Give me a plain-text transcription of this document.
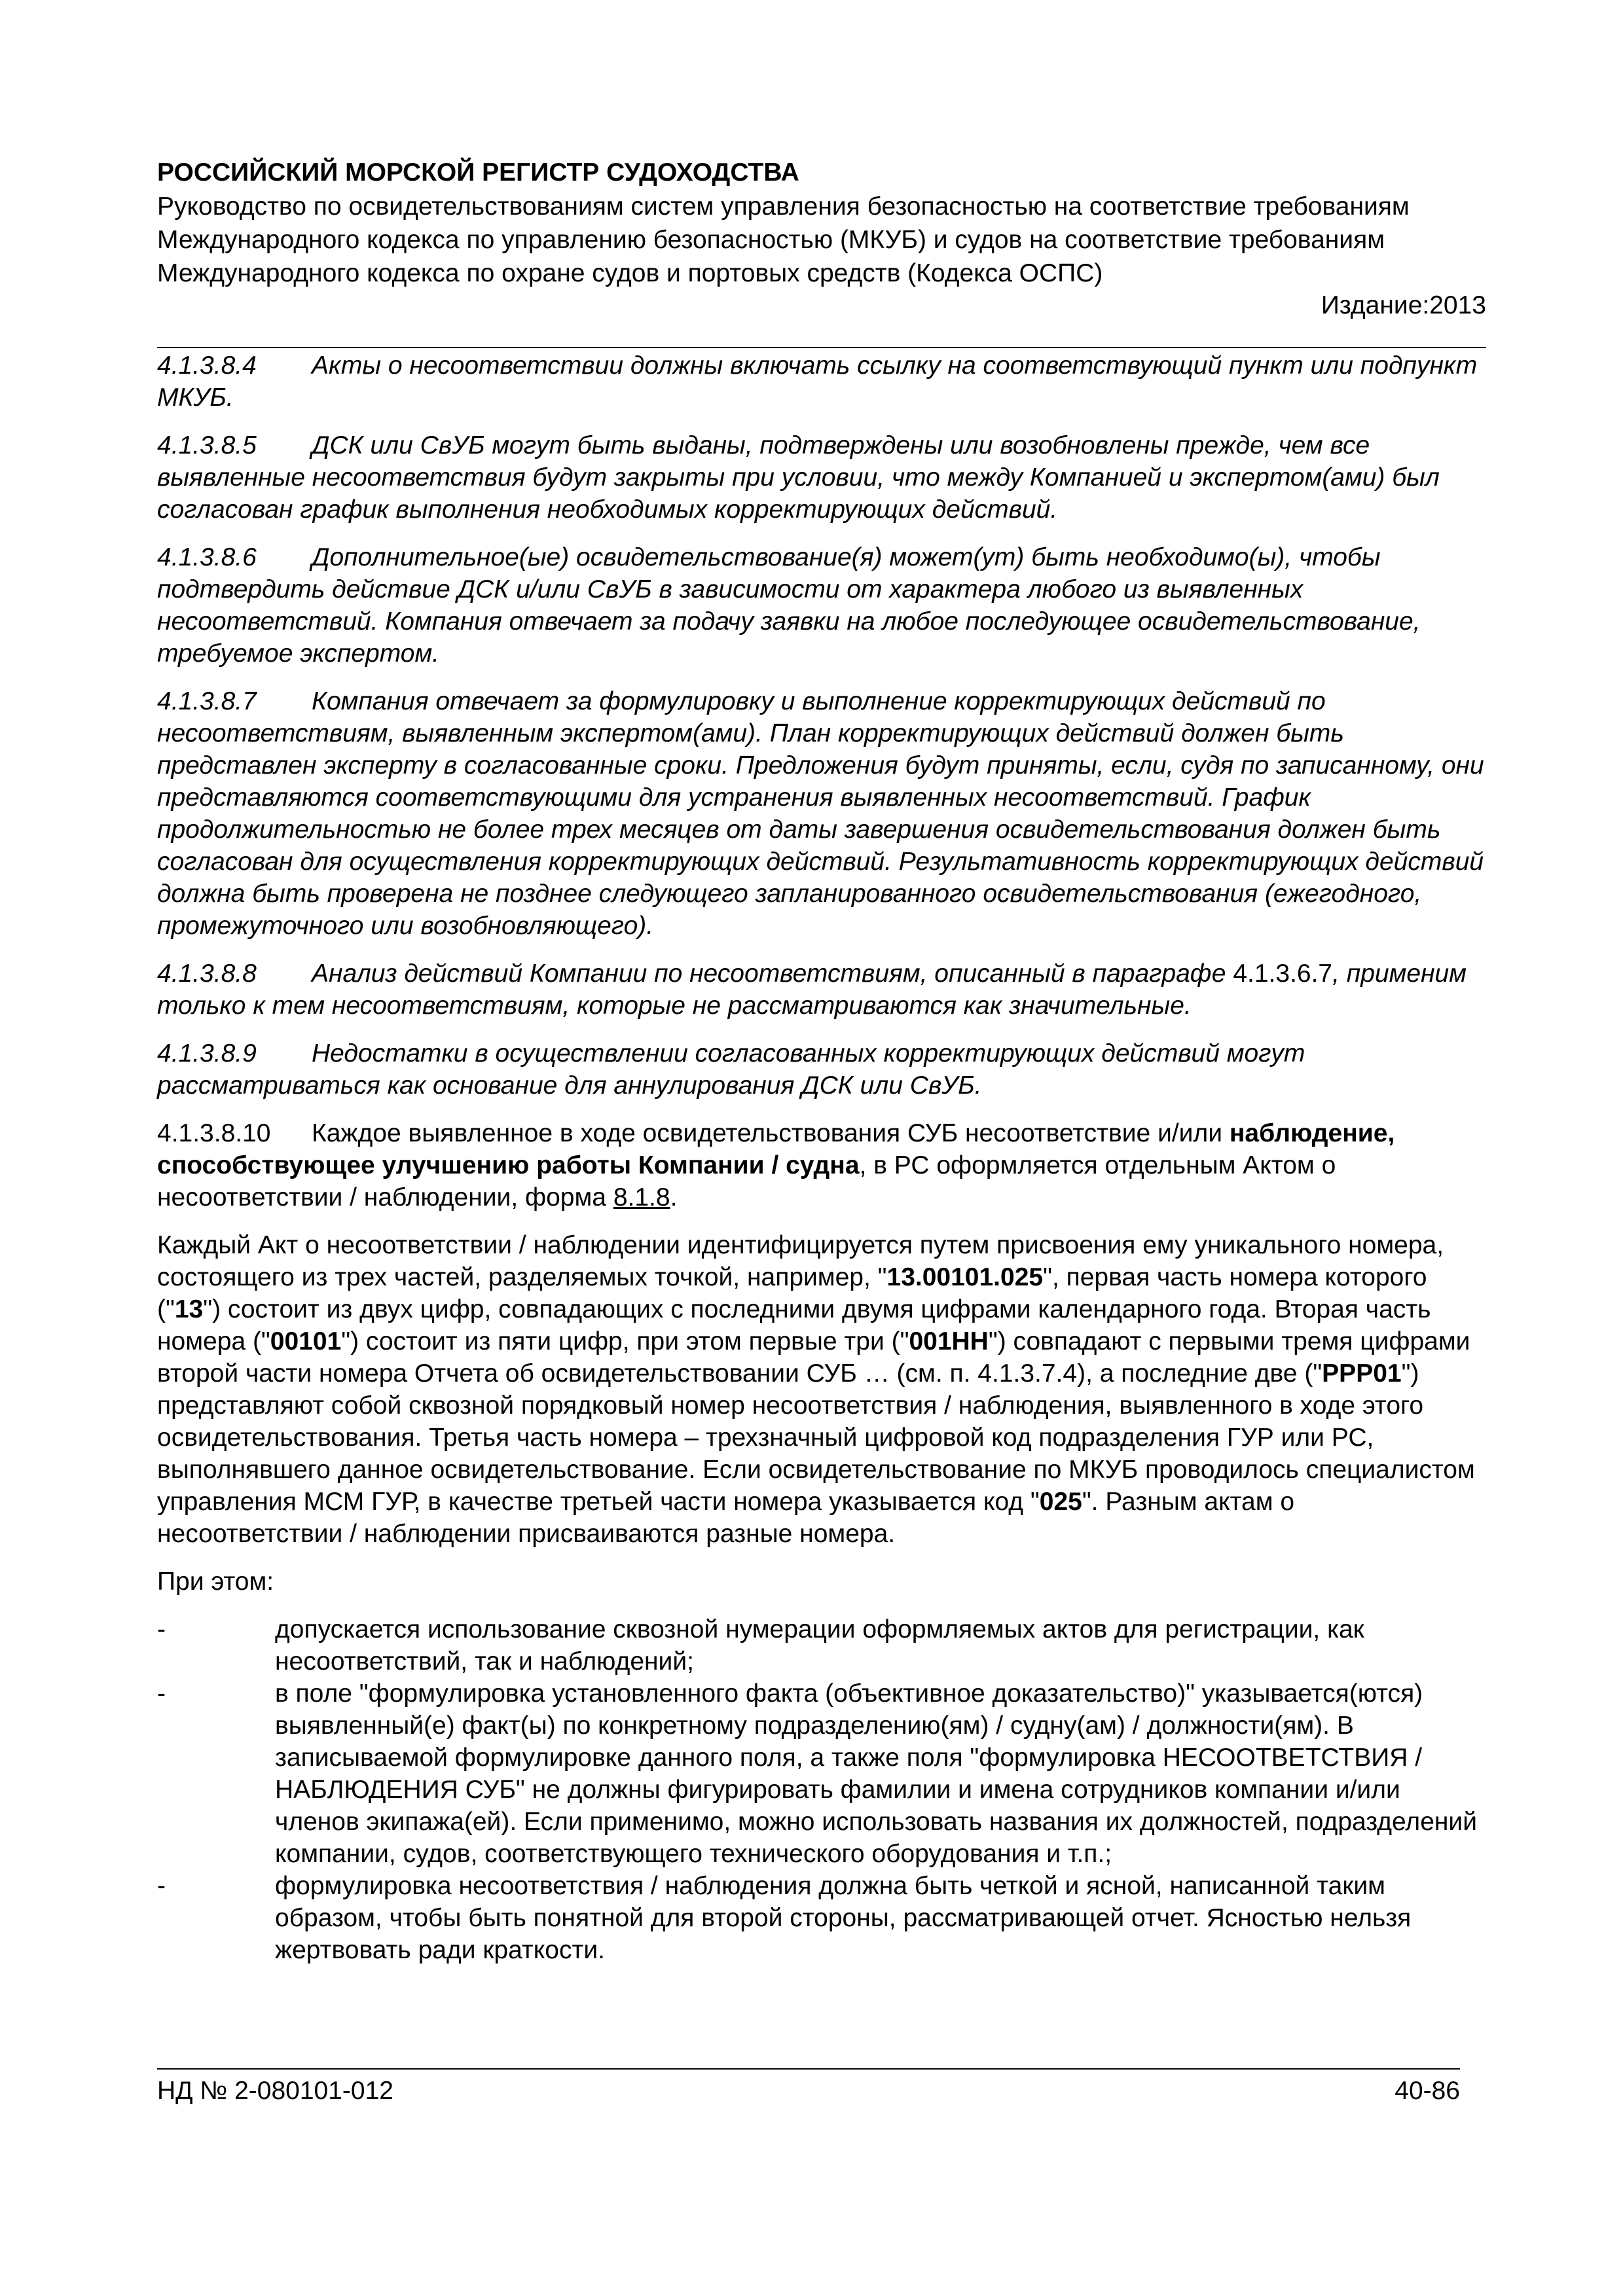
РОССИЙСКИЙ МОРСКОЙ РЕГИСТР СУДОХОДСТВА
Руководство по освидетельствованиям систем управления безопасностью на соответствие требованиям Международного кодекса по управлению безопасностью (МКУБ) и судов на соответствие требованиям Международного кодекса по охране судов и портовых средств (Кодекса ОСПС)
Издание:2013

4.1.3.8.4 Акты о несоответствии должны включать ссылку на соответствующий пункт или подпункт МКУБ.

4.1.3.8.5 ДСК или СвУБ могут быть выданы, подтверждены или возобновлены прежде, чем все выявленные несоответствия будут закрыты при условии, что между Компанией и экспертом(ами) был согласован график выполнения необходимых корректирующих действий.

4.1.3.8.6 Дополнительное(ые) освидетельствование(я) может(ут) быть необходимо(ы), чтобы подтвердить действие ДСК и/или СвУБ в зависимости от характера любого из выявленных несоответствий. Компания отвечает за подачу заявки на любое последующее освидетельствование, требуемое экспертом.

4.1.3.8.7 Компания отвечает за формулировку и выполнение корректирующих действий по несоответствиям, выявленным экспертом(ами). План корректирующих действий должен быть представлен эксперту в согласованные сроки. Предложения будут приняты, если, судя по записанному, они представляются соответствующими для устранения выявленных несоответствий. График продолжительностью не более трех месяцев от даты завершения освидетельствования должен быть согласован для осуществления корректирующих действий. Результативность корректирующих действий должна быть проверена не позднее следующего запланированного освидетельствования (ежегодного, промежуточного или возобновляющего).

4.1.3.8.8 Анализ действий Компании по несоответствиям, описанный в параграфе 4.1.3.6.7, применим только к тем несоответствиям, которые не рассматриваются как значительные.

4.1.3.8.9 Недостатки в осуществлении согласованных корректирующих действий могут рассматриваться как основание для аннулирования ДСК или СвУБ.

4.1.3.8.10 Каждое выявленное в ходе освидетельствования СУБ несоответствие и/или наблюдение, способствующее улучшению работы Компании / судна, в РС оформляется отдельным Актом о несоответствии / наблюдении, форма 8.1.8.

Каждый Акт о несоответствии / наблюдении идентифицируется путем присвоения ему уникального номера, состоящего из трех частей, разделяемых точкой, например, "13.00101.025", первая часть номера которого ("13") состоит из двух цифр, совпадающих с последними двумя цифрами календарного года. Вторая часть номера ("00101") состоит из пяти цифр, при этом первые три ("001НН") совпадают с первыми тремя цифрами второй части номера Отчета об освидетельствовании СУБ … (см. п. 4.1.3.7.4), а последние две ("РРР01") представляют собой сквозной порядковый номер несоответствия / наблюдения, выявленного в ходе этого освидетельствования. Третья часть номера – трехзначный цифровой код подразделения ГУР или РС, выполнявшего данное освидетельствование. Если освидетельствование по МКУБ проводилось специалистом управления МСМ ГУР, в качестве третьей части номера указывается код "025". Разным актам о несоответствии / наблюдении присваиваются разные номера.

При этом:

-	допускается использование сквозной нумерации оформляемых актов для регистрации, как несоответствий, так и наблюдений;
-	в поле "формулировка установленного факта (объективное доказательство)" указывается(ются) выявленный(е) факт(ы) по конкретному подразделению(ям) / судну(ам) / должности(ям). В записываемой формулировке данного поля, а также поля "формулировка НЕСООТВЕТСТВИЯ / НАБЛЮДЕНИЯ СУБ" не должны фигурировать фамилии и имена сотрудников компании и/или членов экипажа(ей). Если применимо, можно использовать названия их должностей, подразделений компании, судов, соответствующего технического оборудования и т.п.;
-	формулировка несоответствия / наблюдения должна быть четкой и ясной, написанной таким образом, чтобы быть понятной для второй стороны, рассматривающей отчет. Ясностью нельзя жертвовать ради краткости.
НД № 2-080101-012	40-86
